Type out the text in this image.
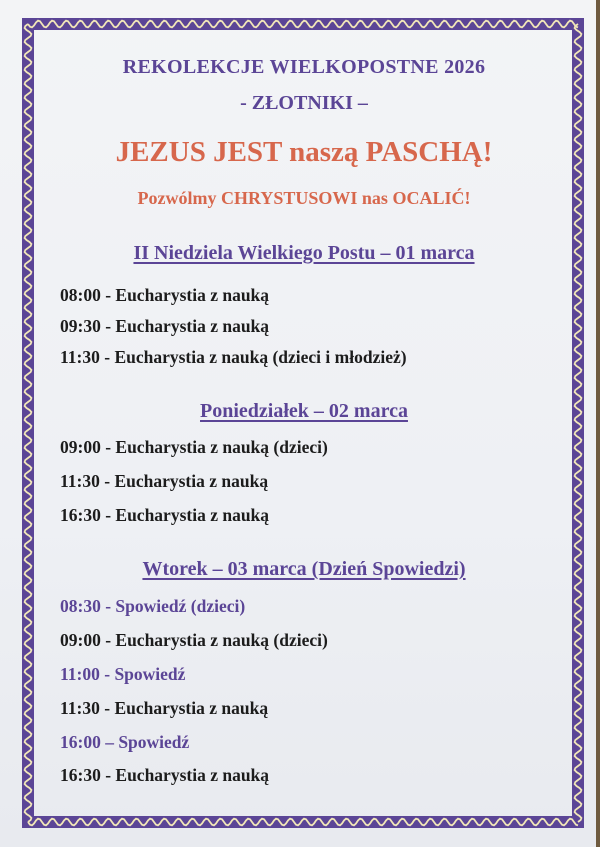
REKOLEKCJE WIELKOPOSTNE 2026
- ZŁOTNIKI –
JEZUS JEST naszą PASCHĄ!
Pozwólmy CHRYSTUSOWI nas OCALIĆ!
II Niedziela Wielkiego Postu – 01 marca
08:00 - Eucharystia z nauką
09:30 - Eucharystia z nauką
11:30 - Eucharystia z nauką (dzieci i młodzież)
Poniedziałek – 02 marca
09:00 - Eucharystia z nauką (dzieci)
11:30 - Eucharystia z nauką
16:30 - Eucharystia z nauką
Wtorek – 03 marca (Dzień Spowiedzi)
08:30 - Spowiedź (dzieci)
09:00 - Eucharystia z nauką (dzieci)
11:00 - Spowiedź
11:30 - Eucharystia z nauką
16:00 – Spowiedź
16:30 - Eucharystia z nauką
